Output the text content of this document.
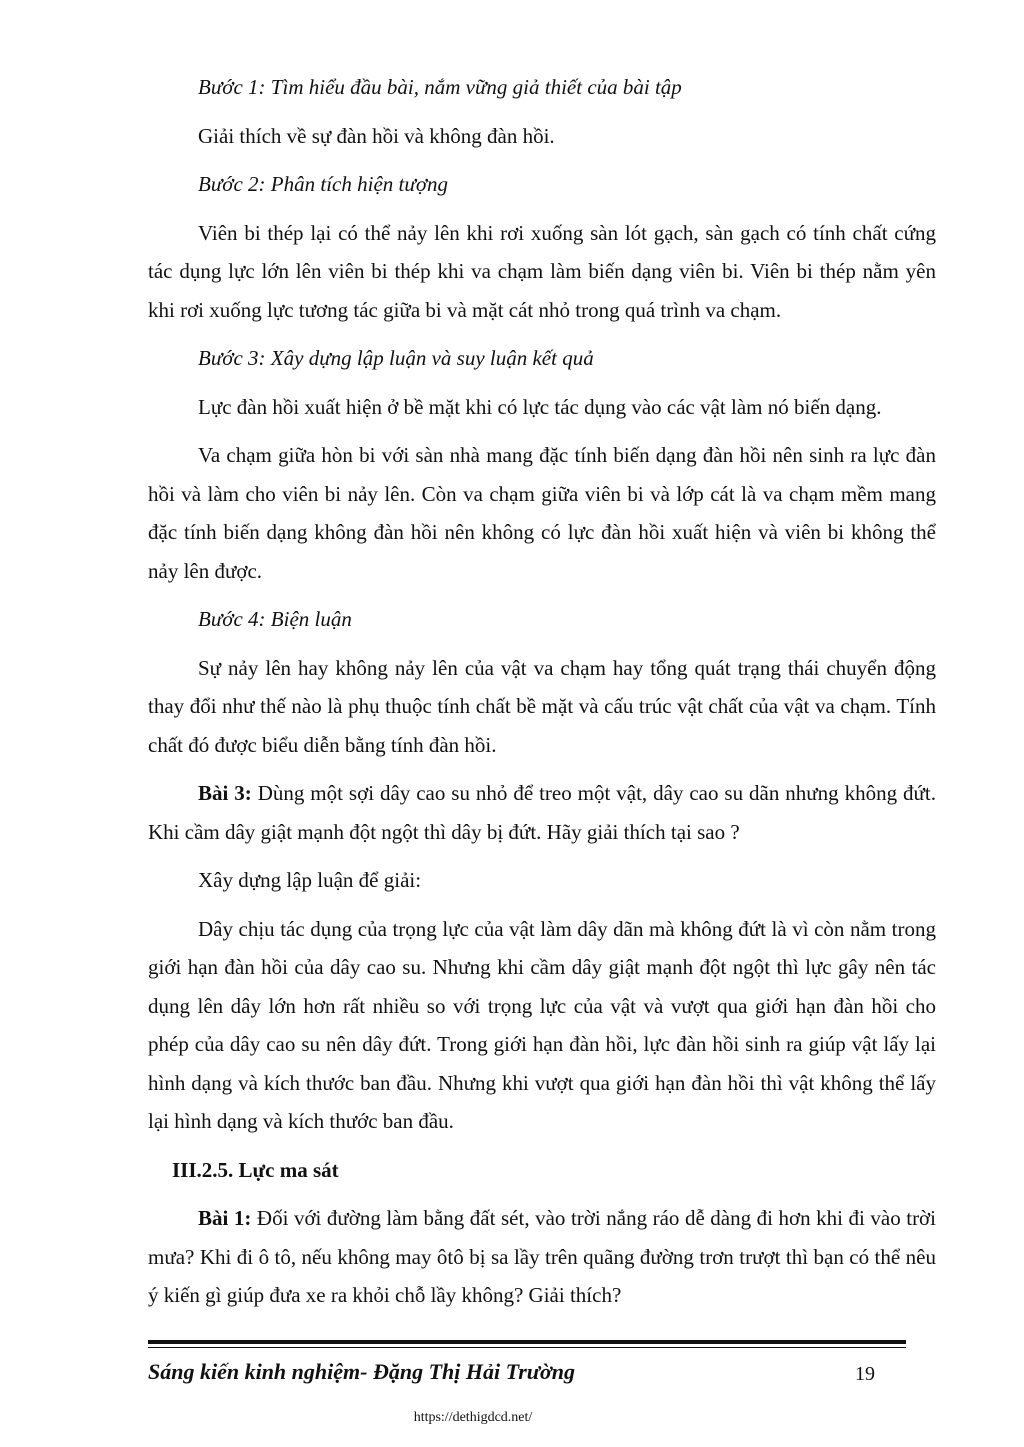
Bước 1: Tìm hiểu đầu bài, nắm vững giả thiết của bài tập

Giải thích về sự đàn hồi và không đàn hồi.

Bước 2: Phân tích hiện tượng

Viên bi thép lại có thể nảy lên khi rơi xuống sàn lót gạch, sàn gạch có tính chất cứng tác dụng lực lớn lên viên bi thép khi va chạm làm biến dạng viên bi. Viên bi thép nằm yên khi rơi xuống lực tương tác giữa bi và mặt cát nhỏ trong quá trình va chạm.

Bước 3: Xây dựng lập luận và suy luận kết quả

Lực đàn hồi xuất hiện ở bề mặt khi có lực tác dụng vào các vật làm nó biến dạng.

Va chạm giữa hòn bi với sàn nhà mang đặc tính biến dạng đàn hồi nên sinh ra lực đàn hồi và làm cho viên bi nảy lên. Còn va chạm giữa viên bi và lớp cát là va chạm mềm mang đặc tính biến dạng không đàn hồi nên không có lực đàn hồi xuất hiện và viên bi không thể nảy lên được.

Bước 4: Biện luận

Sự nảy lên hay không nảy lên của vật va chạm hay tổng quát trạng thái chuyển động thay đổi như thế nào là phụ thuộc tính chất bề mặt và cấu trúc vật chất của vật va chạm. Tính chất đó được biểu diễn bằng tính đàn hồi.

Bài 3: Dùng một sợi dây cao su nhỏ để treo một vật, dây cao su dãn nhưng không đứt. Khi cầm dây giật mạnh đột ngột thì dây bị đứt. Hãy giải thích tại sao ?

Xây dựng lập luận để giải:

Dây chịu tác dụng của trọng lực của vật làm dây dãn mà không đứt là vì còn nằm trong giới hạn đàn hồi của dây cao su. Nhưng khi cầm dây giật mạnh đột ngột thì lực gây nên tác dụng lên dây lớn hơn rất nhiều so với trọng lực của vật và vượt qua giới hạn đàn hồi cho phép của dây cao su nên dây đứt. Trong giới hạn đàn hồi, lực đàn hồi sinh ra giúp vật lấy lại hình dạng và kích thước ban đầu. Nhưng khi vượt qua giới hạn đàn hồi thì vật không thể lấy lại hình dạng và kích thước ban đầu.

III.2.5. Lực ma sát

Bài 1: Đối với đường làm bằng đất sét, vào trời nắng ráo dễ dàng đi hơn khi đi vào trời mưa? Khi đi ô tô, nếu không may ôtô bị sa lầy trên quãng đường trơn trượt thì bạn có thể nêu ý kiến gì giúp đưa xe ra khỏi chỗ lầy không? Giải thích?

Sáng kiến kinh nghiệm- Đặng Thị Hải Trường	19
https://dethigdcd.net/
